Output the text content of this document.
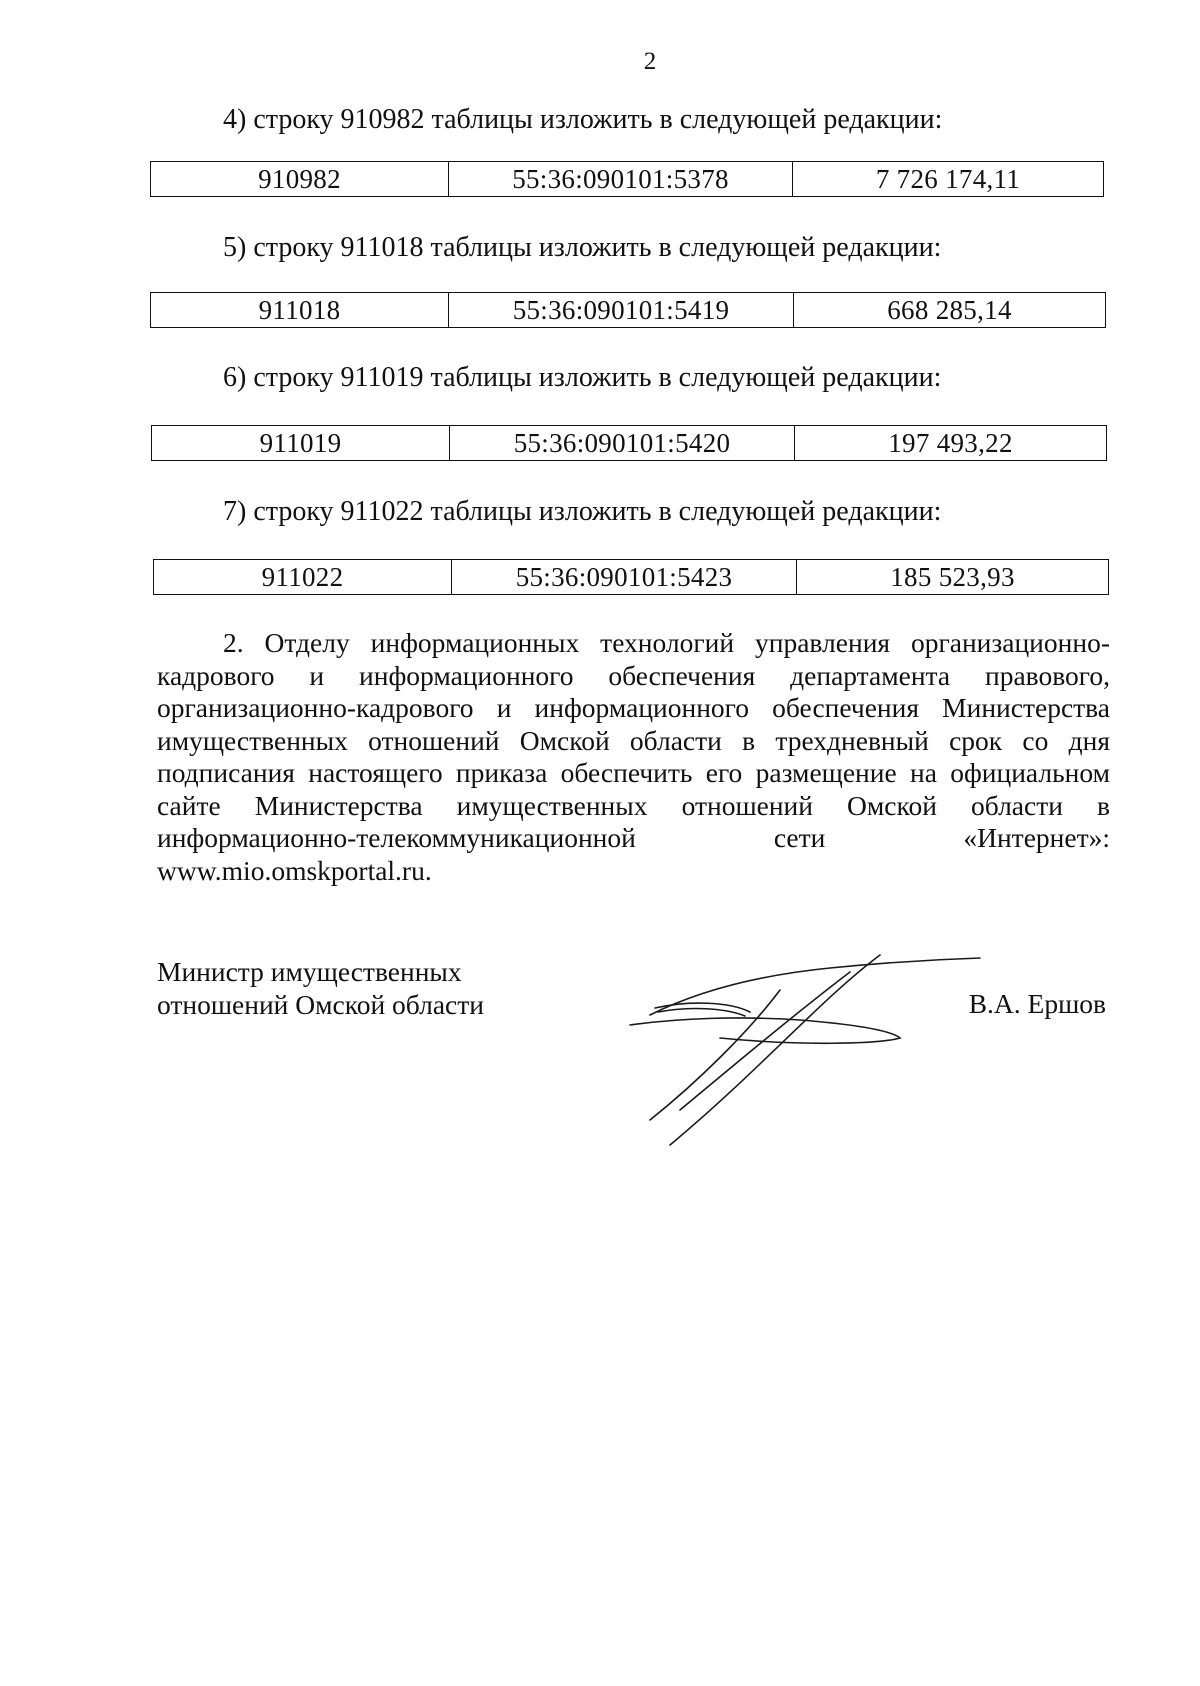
2
4) строку 910982 таблицы изложить в следующей редакции:
910982	55:36:090101:5378	7 726 174,11
5) строку 911018 таблицы изложить в следующей редакции:
911018	55:36:090101:5419	668 285,14
6) строку 911019 таблицы изложить в следующей редакции:
911019	55:36:090101:5420	197 493,22
7) строку 911022 таблицы изложить в следующей редакции:
911022	55:36:090101:5423	185 523,93
2. Отделу информационных технологий управления организационно-кадрового и информационного обеспечения департамента правового, организационно-кадрового и информационного обеспечения Министерства имущественных отношений Омской области в трехдневный срок со дня подписания настоящего приказа обеспечить его размещение на официальном сайте Министерства имущественных отношений Омской области в информационно-телекоммуникационной сети «Интернет»: www.mio.omskportal.ru.
Министр имущественных
отношений Омской области	В.А. Ершов
